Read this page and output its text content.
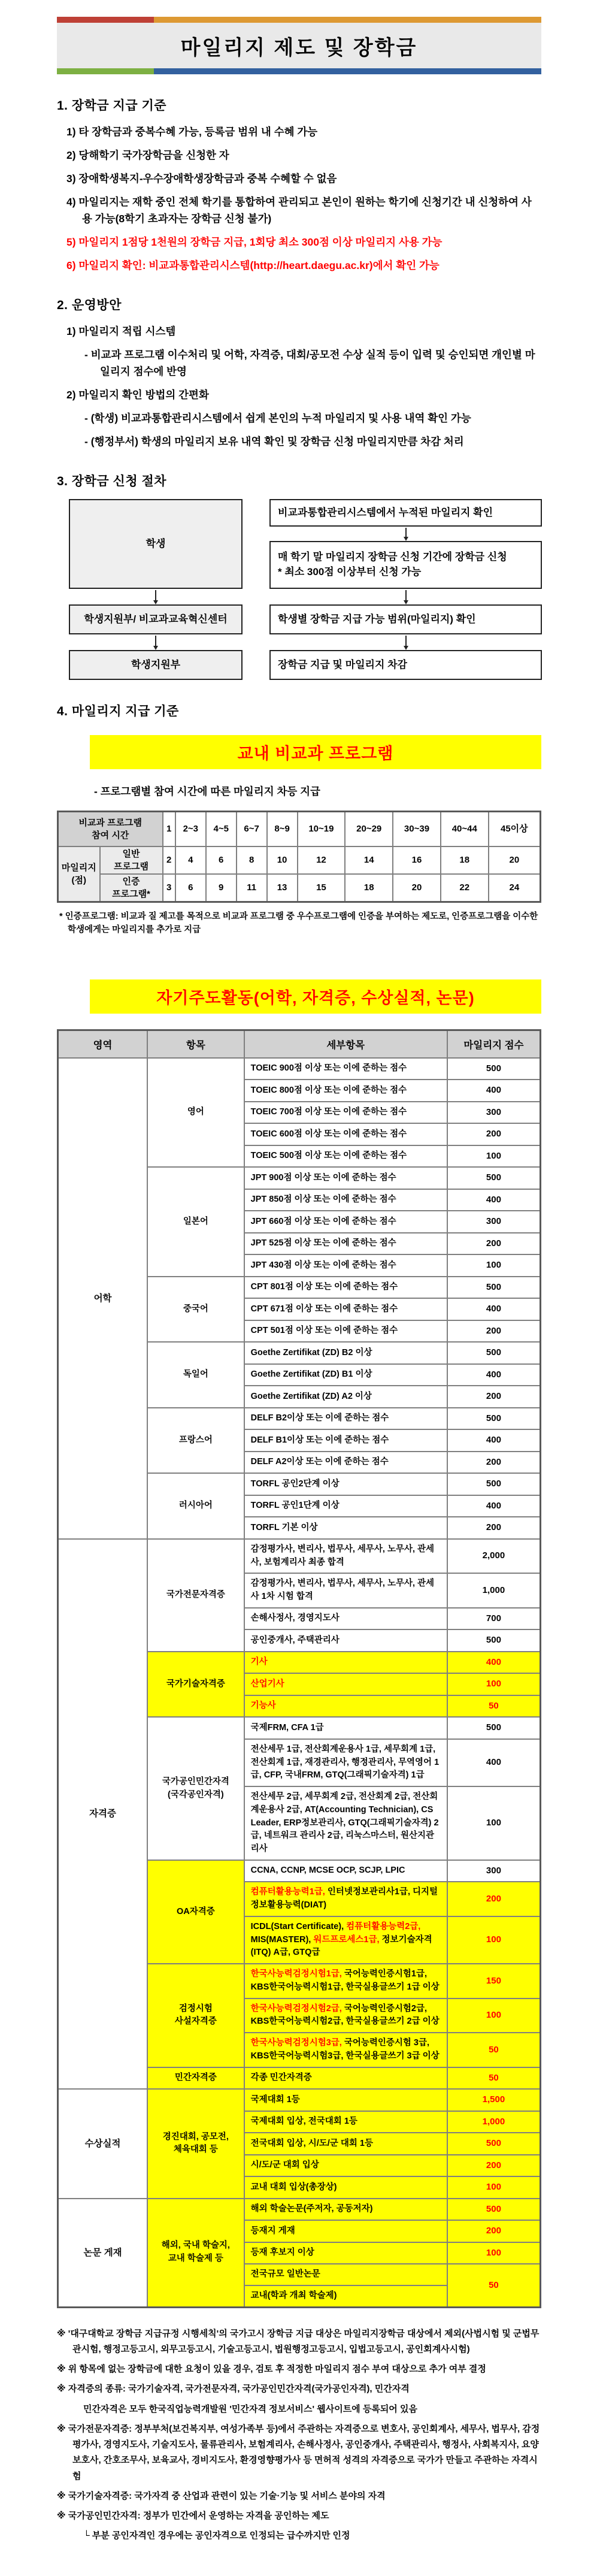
마일리지 제도 및 장학금
1. 장학금 지급 기준
1) 타 장학금과 중복수혜 가능, 등록금 범위 내 수혜 가능
2) 당해학기 국가장학금을 신청한 자
3) 장애학생복지-우수장애학생장학금과 중복 수혜할 수 없음
4) 마일리지는 재학 중인 전체 학기를 통합하여 관리되고 본인이 원하는 학기에 신청기간 내 신청하여 사용 가능(8학기 초과자는 장학금 신청 불가)
5) 마일리지 1점당 1천원의 장학금 지급, 1회당 최소 300점 이상 마일리지 사용 가능
6) 마일리지 확인: 비교과통합관리시스템(http://heart.daegu.ac.kr)에서 확인 가능
2. 운영방안
1) 마일리지 적립 시스템
- 비교과 프로그램 이수처리 및 어학, 자격증, 대회/공모전 수상 실적 등이 입력 및 승인되면 개인별 마일리지 점수에 반영
2) 마일리지 확인 방법의 간편화
- (학생) 비교과통합관리시스템에서 쉽게 본인의 누적 마일리지 및 사용 내역 확인 가능
- (행정부서) 학생의 마일리지 보유 내역 확인 및 장학금 신청 마일리지만큼 차감 처리
3. 장학금 신청 절차
학생
학생지원부/ 비교과교육혁신센터
학생지원부
비교과통합관리시스템에서 누적된 마일리지 확인
매 학기 말 마일리지 장학금 신청 기간에 장학금 신청
* 최소 300점 이상부터 신청 가능
학생별 장학금 지급 가능 범위(마일리지) 확인
장학금 지급 및 마일리지 차감
4. 마일리지 지급 기준
교내 비교과 프로그램
- 프로그램별 참여 시간에 따른 마일리지 차등 지급
비교과 프로그램
참여 시간		1	2~3	4~5	6~7	8~9	10~19	20~29	30~39	40~44	45이상
마일리지
(점)	일반
프로그램	2	4	6	8	10	12	14	16	18	20
	인증
프로그램*	3	6	9	11	13	15	18	20	22	24

* 인증프로그램: 비교과 질 제고를 목적으로 비교과 프로그램 중 우수프로그램에 인증을 부여하는 제도로, 인증프로그램을 이수한 학생에게는 마일리지를 추가로 지급

자기주도활동(어학, 자격증, 수상실적, 논문)
영역	항목	세부항목	마일리지 점수
어학	영어	TOEIC 900점 이상 또는 이에 준하는 점수	500
		TOEIC 800점 이상 또는 이에 준하는 점수	400
		TOEIC 700점 이상 또는 이에 준하는 점수	300
		TOEIC 600점 이상 또는 이에 준하는 점수	200
		TOEIC 500점 이상 또는 이에 준하는 점수	100
	일본어	JPT 900점 이상 또는 이에 준하는 점수	500
		JPT 850점 이상 또는 이에 준하는 점수	400
		JPT 660점 이상 또는 이에 준하는 점수	300
		JPT 525점 이상 또는 이에 준하는 점수	200
		JPT 430점 이상 또는 이에 준하는 점수	100
	중국어	CPT 801점 이상 또는 이에 준하는 점수	500
		CPT 671점 이상 또는 이에 준하는 점수	400
		CPT 501점 이상 또는 이에 준하는 점수	200
	독일어	Goethe Zertifikat (ZD) B2 이상	500
		Goethe Zertifikat (ZD) B1 이상	400
		Goethe Zertifikat (ZD) A2 이상	200
	프랑스어	DELF B2이상 또는 이에 준하는 점수	500
		DELF B1이상 또는 이에 준하는 점수	400
		DELF A2이상 또는 이에 준하는 점수	200
	러시아어	TORFL 공인2단계 이상	500
		TORFL 공인1단계 이상	400
		TORFL 기본 이상	200
자격증	국가전문자격증	감정평가사, 변리사, 법무사, 세무사, 노무사, 관세사, 보험계리사 최종 합격	2,000
		감정평가사, 변리사, 법무사, 세무사, 노무사, 관세사 1차 시험 합격	1,000
		손해사정사, 경영지도사	700
		공인중개사, 주택관리사	500
	국가기술자격증	기사	400
		산업기사	100
		기능사	50
	국가공인민간자격
(국각공인자격)	국제FRM, CFA 1급	500
		전산세무 1급, 전산회계운용사 1급, 세무회계 1급, 전산회계 1급, 재경관리사, 행정관리사, 무역영어 1급, CFP, 국내FRM, GTQ(그래픽기술자격) 1급	400
		전산세무 2급, 세무회계 2급, 전산회계 2급, 전산회계운용사 2급, AT(Accounting Technician), CS Leader, ERP정보관리사, GTQ(그래픽기술자격) 2급, 네트워크 관리사 2급, 리눅스마스터, 원산지관리사	100
	OA자격증	CCNA, CCNP, MCSE OCP, SCJP, LPIC	300
		컴퓨터활용능력1급, 인터넷정보관리사1급, 디지털정보활용능력(DIAT)	200
		ICDL(Start Certificate), 컴퓨터활용능력2급, MIS(MASTER), 워드프로세스1급, 정보기술자격(ITQ) A급, GTQ급	100
	검정시험
사설자격증	한국사능력검정시험1급, 국어능력인증시험1급, KBS한국어능력시험1급, 한국실용글쓰기 1급 이상	150
		한국사능력검정시험2급, 국어능력인증시험2급, KBS한국어능력시험2급, 한국실용글쓰기 2급 이상	100
		한국사능력검정시험3급, 국어능력인증시험 3급, KBS한국어능력시험3급, 한국실용글쓰기 3급 이상	50
	민간자격증	각종 민간자격증	50
수상실적	경진대회, 공모전,
체육대회 등	국제대회 1등	1,500
		국제대회 입상, 전국대회 1등	1,000
		전국대회 입상, 시/도/군 대회 1등	500
		시/도/군 대회 입상	200
		교내 대회 입상(총장상)	100
논문 게재	해외, 국내 학술지,
교내 학술제 등	해외 학술논문(주저자, 공동저자)	500
		등재지 게재	200
		등재 후보지 이상	100
		전국규모 일반논문	50
		교내(학과 개최 학술제)	
※ '대구대학교 장학금 지급규정 시행세칙'의 국가고시 장학금 지급 대상은 마일리지장학금 대상에서 제외(사법시험 및 군법무관시험, 행정고등고시, 외무고등고시, 기술고등고시, 법원행정고등고시, 입법고등고시, 공인회계사시험)
※ 위 항목에 없는 장학금에 대한 요청이 있을 경우, 검토 후 적정한 마일리지 점수 부여 대상으로 추가 여부 결정
※ 자격증의 종류: 국가기술자격, 국가전문자격, 국가공인민간자격(국가공인자격), 민간자격
민간자격은 모두 한국직업능력개발원 '민간자격 정보서비스' 웹사이트에 등록되어 있음
※ 국가전문자격증: 정부부처(보건복지부, 여성가족부 등)에서 주관하는 자격증으로 변호사, 공인회계사, 세무사, 법무사, 감정평가사, 경영지도사, 기술지도사, 물류관리사, 보험계리사, 손해사정사, 공인중개사, 주택관리사, 행정사, 사회복지사, 요양보호사, 간호조무사, 보육교사, 경비지도사, 환경영향평가사 등 면허적 성격의 자격증으로 국가가 만들고 주관하는 자격시험
※ 국가기술자격증: 국가자격 중 산업과 관련이 있는 기술·기능 및 서비스 분야의 자격
※ 국가공인민간자격: 정부가 민간에서 운영하는 자격을 공인하는 제도
└ 부분 공인자격인 경우에는 공인자격으로 인정되는 급수까지만 인정
